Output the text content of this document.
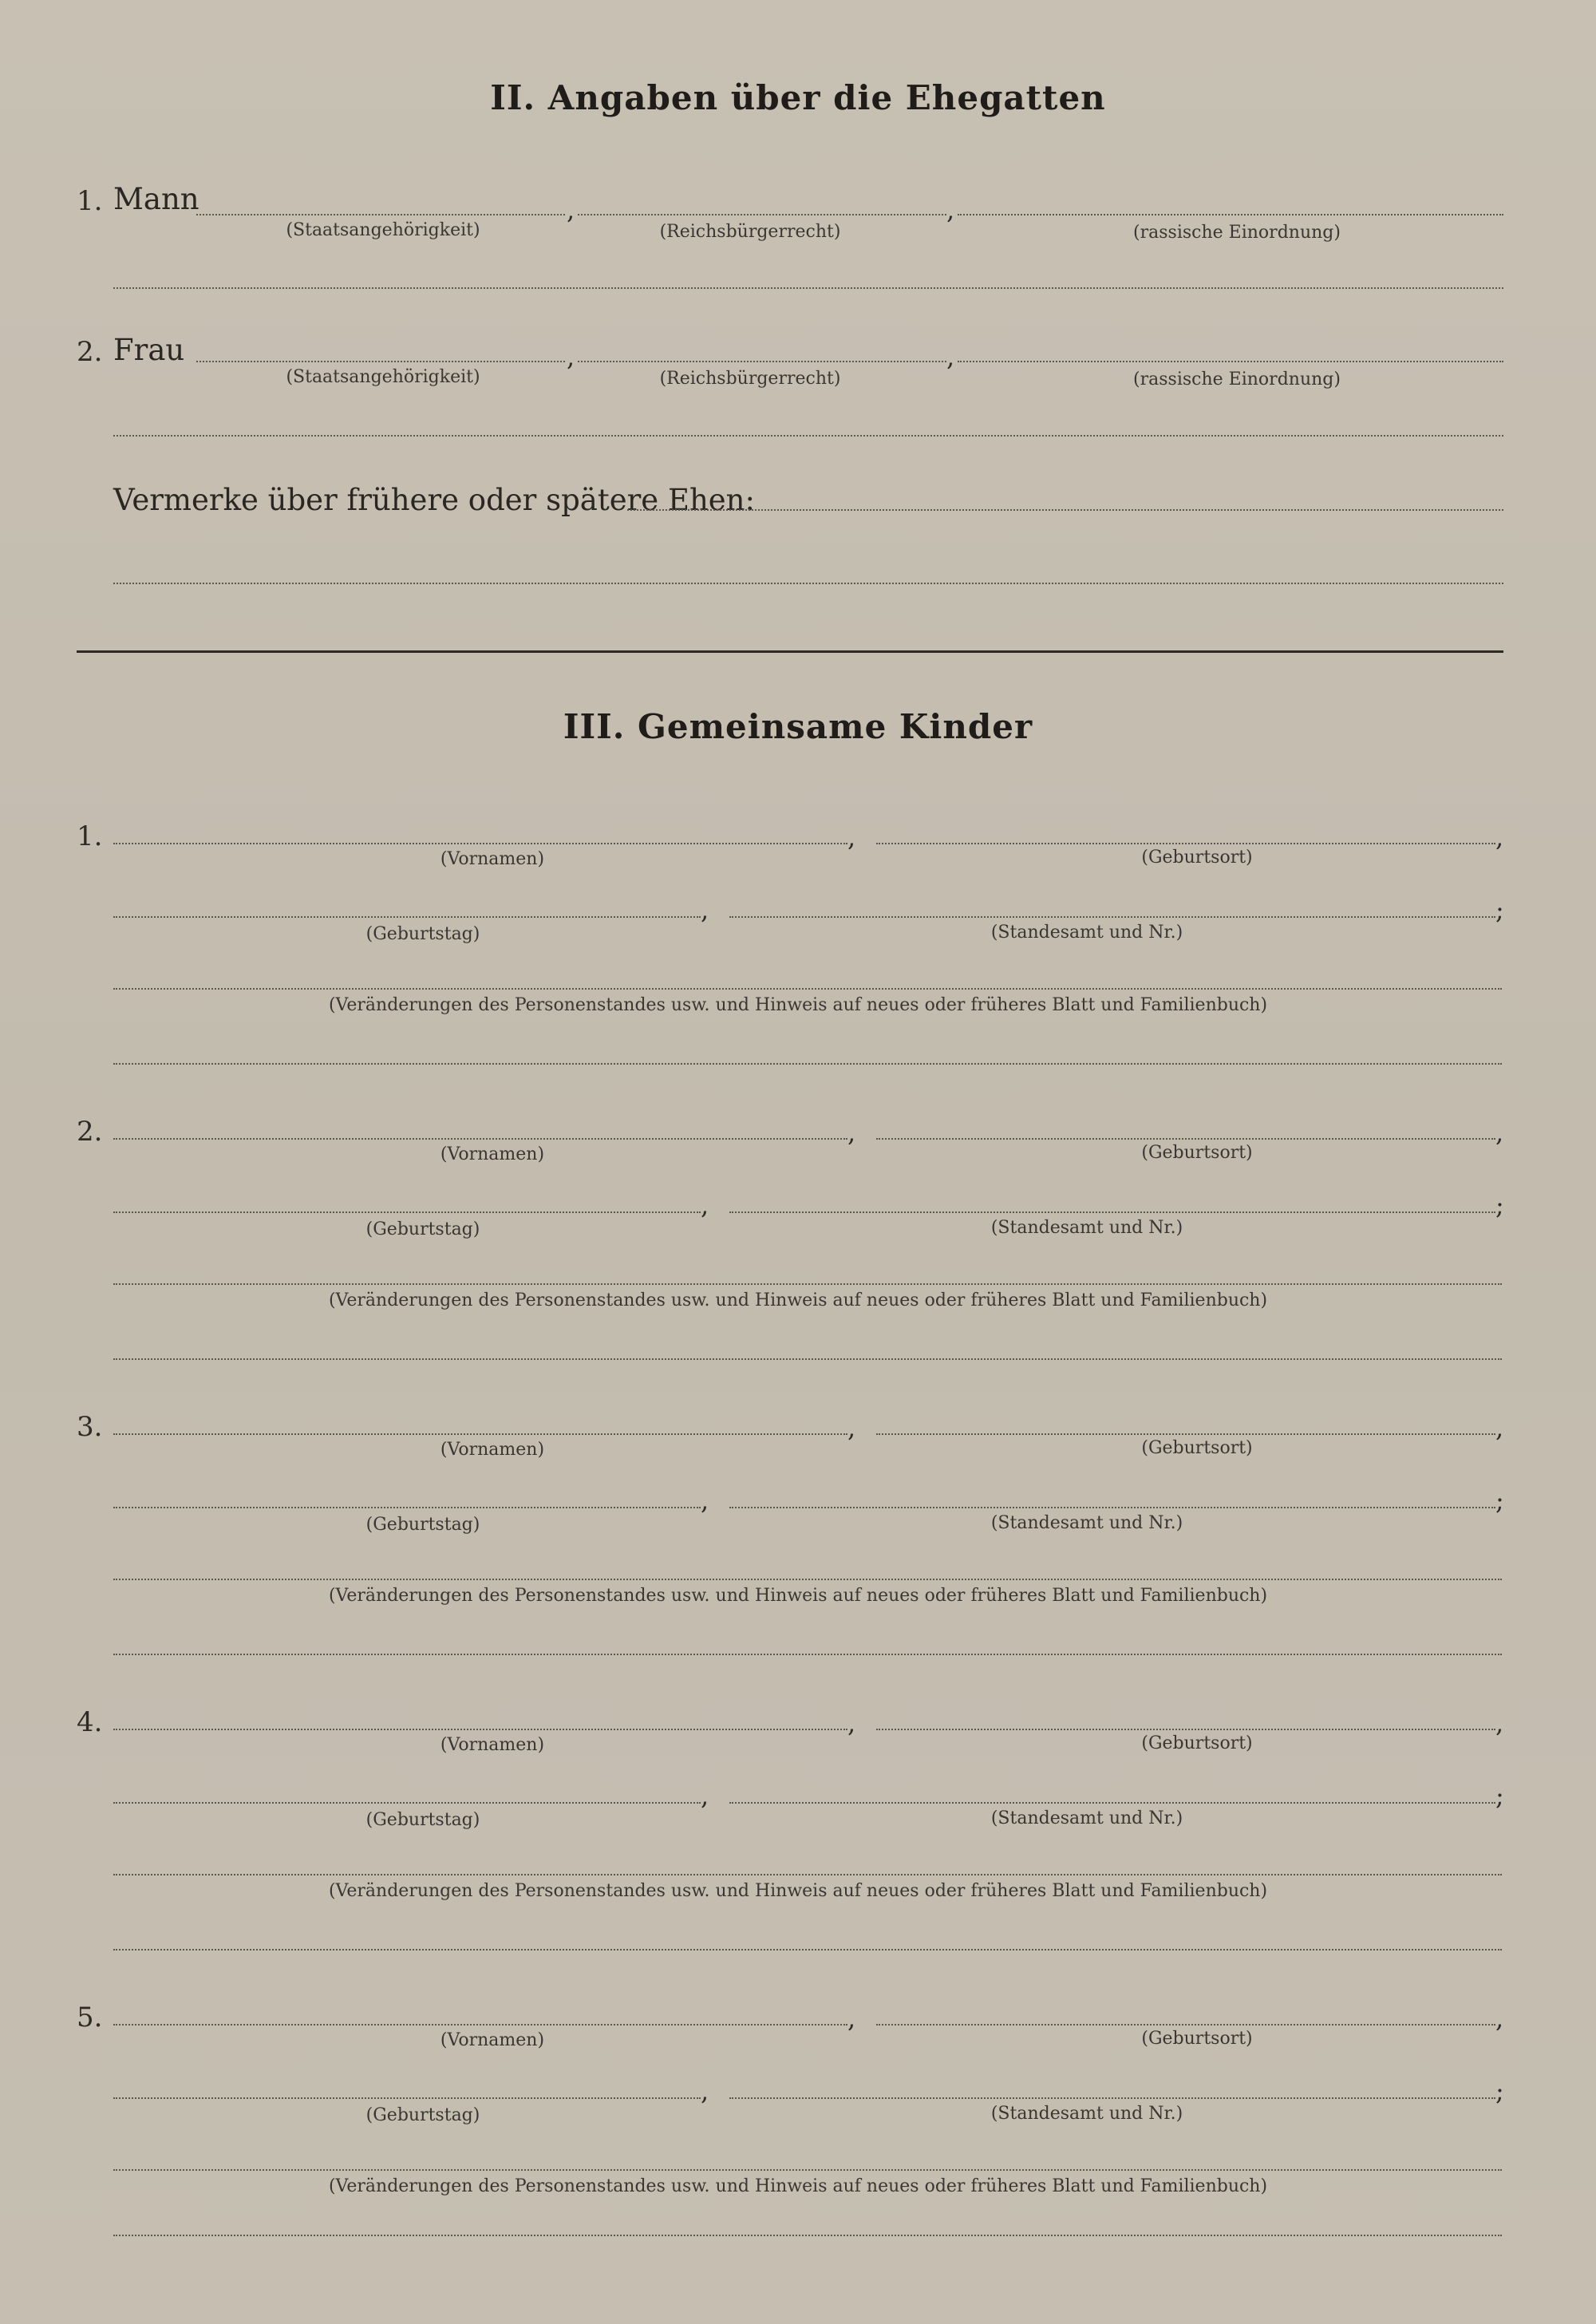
II. Angaben über die Ehegatten
1. Mann	,	,
(Staatsangehörigkeit)	(Reichsbürgerrecht)	(rassische Einordnung)
2. Frau	,	,
(Staatsangehörigkeit)	(Reichsbürgerrecht)	(rassische Einordnung)
Vermerke über frühere oder spätere Ehen:
III. Gemeinsame Kinder
1.	,	,
(Vornamen)	(Geburtsort)
,	;
(Geburtstag)	(Standesamt und Nr.)
(Veränderungen des Personenstandes usw. und Hinweis auf neues oder früheres Blatt und Familienbuch)
2.	,	,
(Vornamen)	(Geburtsort)
,	;
(Geburtstag)	(Standesamt und Nr.)
(Veränderungen des Personenstandes usw. und Hinweis auf neues oder früheres Blatt und Familienbuch)
3.	,	,
(Vornamen)	(Geburtsort)
,	;
(Geburtstag)	(Standesamt und Nr.)
(Veränderungen des Personenstandes usw. und Hinweis auf neues oder früheres Blatt und Familienbuch)
4.	,	,
(Vornamen)	(Geburtsort)
,	;
(Geburtstag)	(Standesamt und Nr.)
(Veränderungen des Personenstandes usw. und Hinweis auf neues oder früheres Blatt und Familienbuch)
5.	,	,
(Vornamen)	(Geburtsort)
,	;
(Geburtstag)	(Standesamt und Nr.)
(Veränderungen des Personenstandes usw. und Hinweis auf neues oder früheres Blatt und Familienbuch)
